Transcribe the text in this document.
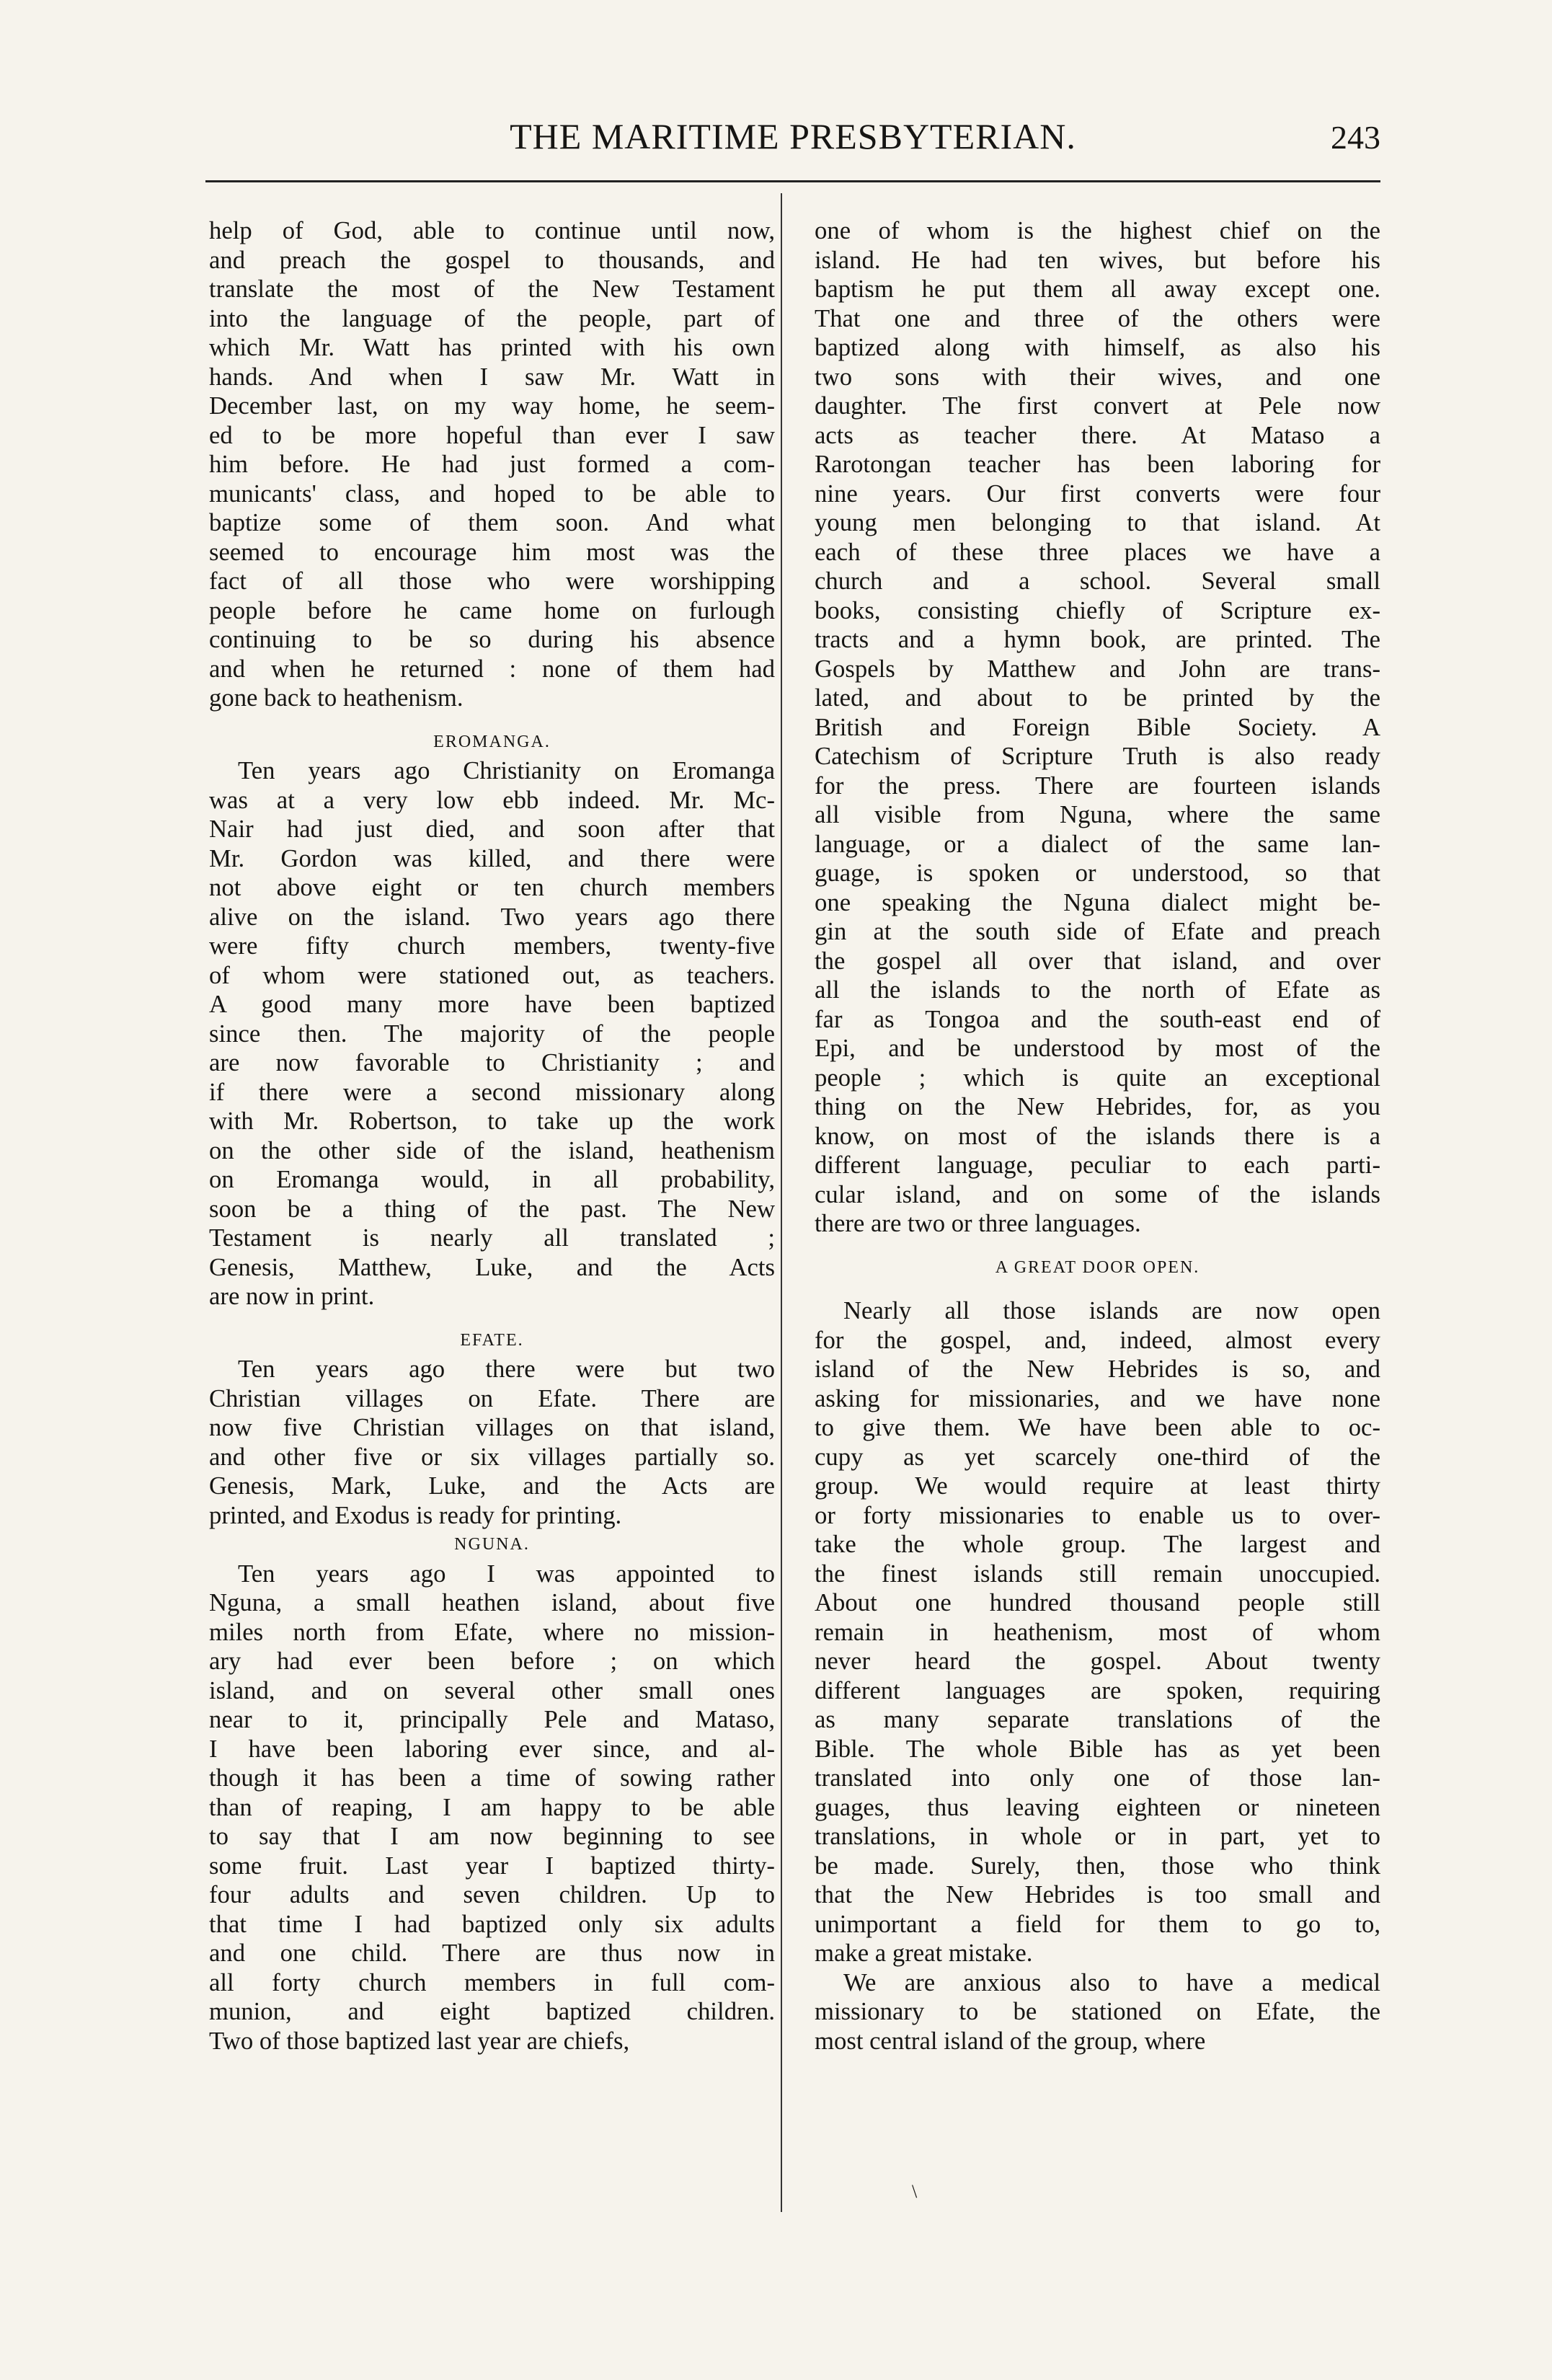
THE MARITIME PRESBYTERIAN.	243
help of God, able to continue until now,
and preach the gospel to thousands, and
translate the most of the New Testament
into the language of the people, part of
which Mr. Watt has printed with his own
hands. And when I saw Mr. Watt in
December last, on my way home, he seem-
ed to be more hopeful than ever I saw
him before. He had just formed a com-
municants' class, and hoped to be able to
baptize some of them soon. And what
seemed to encourage him most was the
fact of all those who were worshipping
people before he came home on furlough
continuing to be so during his absence
and when he returned : none of them had
gone back to heathenism.
EROMANGA.
Ten years ago Christianity on Eromanga
was at a very low ebb indeed. Mr. Mc-
Nair had just died, and soon after that
Mr. Gordon was killed, and there were
not above eight or ten church members
alive on the island. Two years ago there
were fifty church members, twenty-five
of whom were stationed out, as teachers.
A good many more have been baptized
since then. The majority of the people
are now favorable to Christianity ; and
if there were a second missionary along
with Mr. Robertson, to take up the work
on the other side of the island, heathenism
on Eromanga would, in all probability,
soon be a thing of the past. The New
Testament is nearly all translated ;
Genesis, Matthew, Luke, and the Acts
are now in print.
EFATE.
Ten years ago there were but two
Christian villages on Efate. There are
now five Christian villages on that island,
and other five or six villages partially so.
Genesis, Mark, Luke, and the Acts are
printed, and Exodus is ready for printing.
NGUNA.
Ten years ago I was appointed to
Nguna, a small heathen island, about five
miles north from Efate, where no mission-
ary had ever been before ; on which
island, and on several other small ones
near to it, principally Pele and Mataso,
I have been laboring ever since, and al-
though it has been a time of sowing rather
than of reaping, I am happy to be able
to say that I am now beginning to see
some fruit. Last year I baptized thirty-
four adults and seven children. Up to
that time I had baptized only six adults
and one child. There are thus now in
all forty church members in full com-
munion, and eight baptized children.
Two of those baptized last year are chiefs,
one of whom is the highest chief on the
island. He had ten wives, but before his
baptism he put them all away except one.
That one and three of the others were
baptized along with himself, as also his
two sons with their wives, and one
daughter. The first convert at Pele now
acts as teacher there. At Mataso a
Rarotongan teacher has been laboring for
nine years. Our first converts were four
young men belonging to that island. At
each of these three places we have a
church and a school. Several small
books, consisting chiefly of Scripture ex-
tracts and a hymn book, are printed. The
Gospels by Matthew and John are trans-
lated, and about to be printed by the
British and Foreign Bible Society. A
Catechism of Scripture Truth is also ready
for the press. There are fourteen islands
all visible from Nguna, where the same
language, or a dialect of the same lan-
guage, is spoken or understood, so that
one speaking the Nguna dialect might be-
gin at the south side of Efate and preach
the gospel all over that island, and over
all the islands to the north of Efate as
far as Tongoa and the south-east end of
Epi, and be understood by most of the
people ; which is quite an exceptional
thing on the New Hebrides, for, as you
know, on most of the islands there is a
different language, peculiar to each parti-
cular island, and on some of the islands
there are two or three languages.
A GREAT DOOR OPEN.
Nearly all those islands are now open
for the gospel, and, indeed, almost every
island of the New Hebrides is so, and
asking for missionaries, and we have none
to give them. We have been able to oc-
cupy as yet scarcely one-third of the
group. We would require at least thirty
or forty missionaries to enable us to over-
take the whole group. The largest and
the finest islands still remain unoccupied.
About one hundred thousand people still
remain in heathenism, most of whom
never heard the gospel. About twenty
different languages are spoken, requiring
as many separate translations of the
Bible. The whole Bible has as yet been
translated into only one of those lan-
guages, thus leaving eighteen or nineteen
translations, in whole or in part, yet to
be made. Surely, then, those who think
that the New Hebrides is too small and
unimportant a field for them to go to,
make a great mistake.
We are anxious also to have a medical
missionary to be stationed on Efate, the
most central island of the group, where
\
